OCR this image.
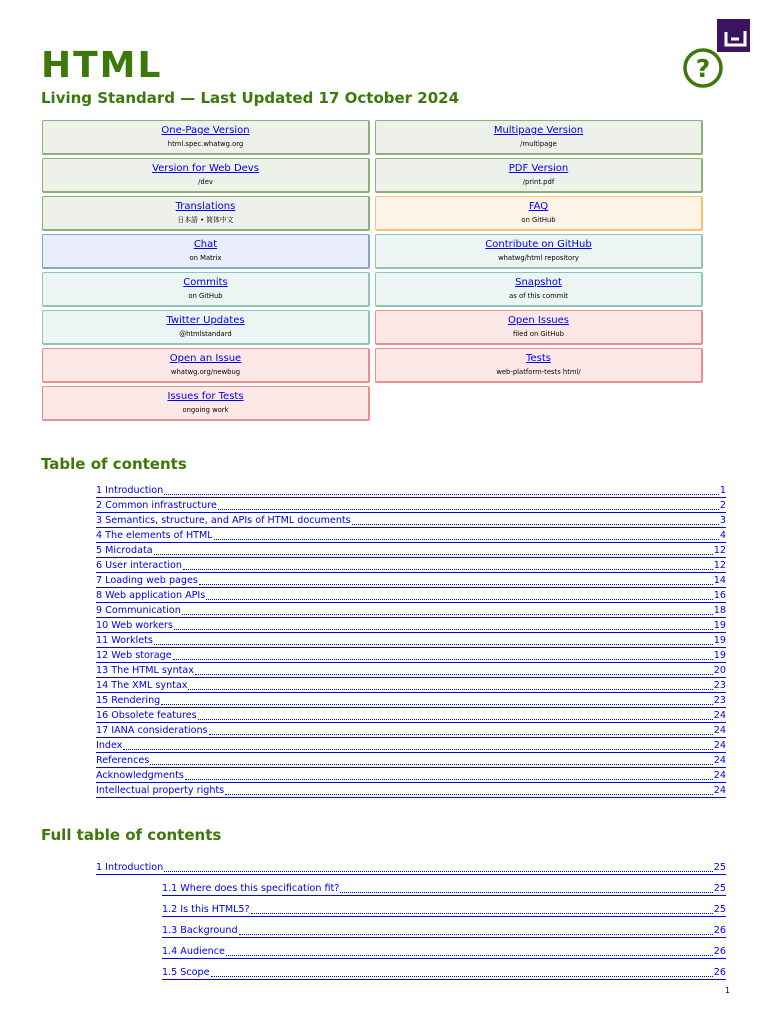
HTML

Living Standard — Last Updated 17 October 2024

?
One-Page Version
html.spec.whatwg.org
Multipage Version
/multipage
Version for Web Devs
/dev
PDF Version
/print.pdf
Translations
日本語 • 简体中文
FAQ
on GitHub
Chat
on Matrix
Contribute on GitHub
whatwg/html repository
Commits
on GitHub
Snapshot
as of this commit
Twitter Updates
@htmlstandard
Open Issues
filed on GitHub
Open an Issue
whatwg.org/newbug
Tests
web-platform-tests html/
Issues for Tests
ongoing work
Table of contents
1 Introduction	1
2 Common infrastructure	2
3 Semantics, structure, and APIs of HTML documents	3
4 The elements of HTML	4
5 Microdata	12
6 User interaction	12
7 Loading web pages	14
8 Web application APIs	16
9 Communication	18
10 Web workers	19
11 Worklets	19
12 Web storage	19
13 The HTML syntax	20
14 The XML syntax	23
15 Rendering	23
16 Obsolete features	24
17 IANA considerations	24
Index	24
References	24
Acknowledgments	24
Intellectual property rights	24
Full table of contents
1 Introduction	25
1.1 Where does this specification fit?	25
1.2 Is this HTML5?	25
1.3 Background	26
1.4 Audience	26
1.5 Scope	26
1
